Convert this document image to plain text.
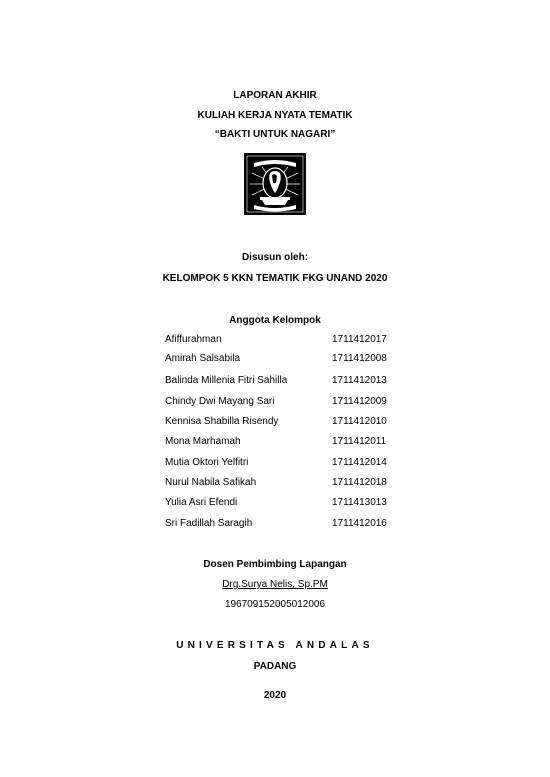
LAPORAN AKHIR
KULIAH KERJA NYATA TEMATIK
“BAKTI UNTUK NAGARI”
Disusun oleh:
KELOMPOK 5 KKN TEMATIK FKG UNAND 2020
Anggota Kelompok
Afiffurahman	1711412017
Amirah Salsabila	1711412008
Balinda Millenia Fitri Sahilla	1711412013
Chindy Dwi Mayang Sari	1711412009
Kennisa Shabilla Risendy	1711412010
Mona Marhamah	1711412011
Mutia Oktori Yelfitri	1711412014
Nurul Nabila Safikah	1711412018
Yulia Asri Efendi	1711413013
Sri Fadillah Saragih	1711412016
Dosen Pembimbing Lapangan
Drg.Surya Nelis, Sp.PM
196709152005012006
UNIVERSITAS ANDALAS
PADANG
2020
